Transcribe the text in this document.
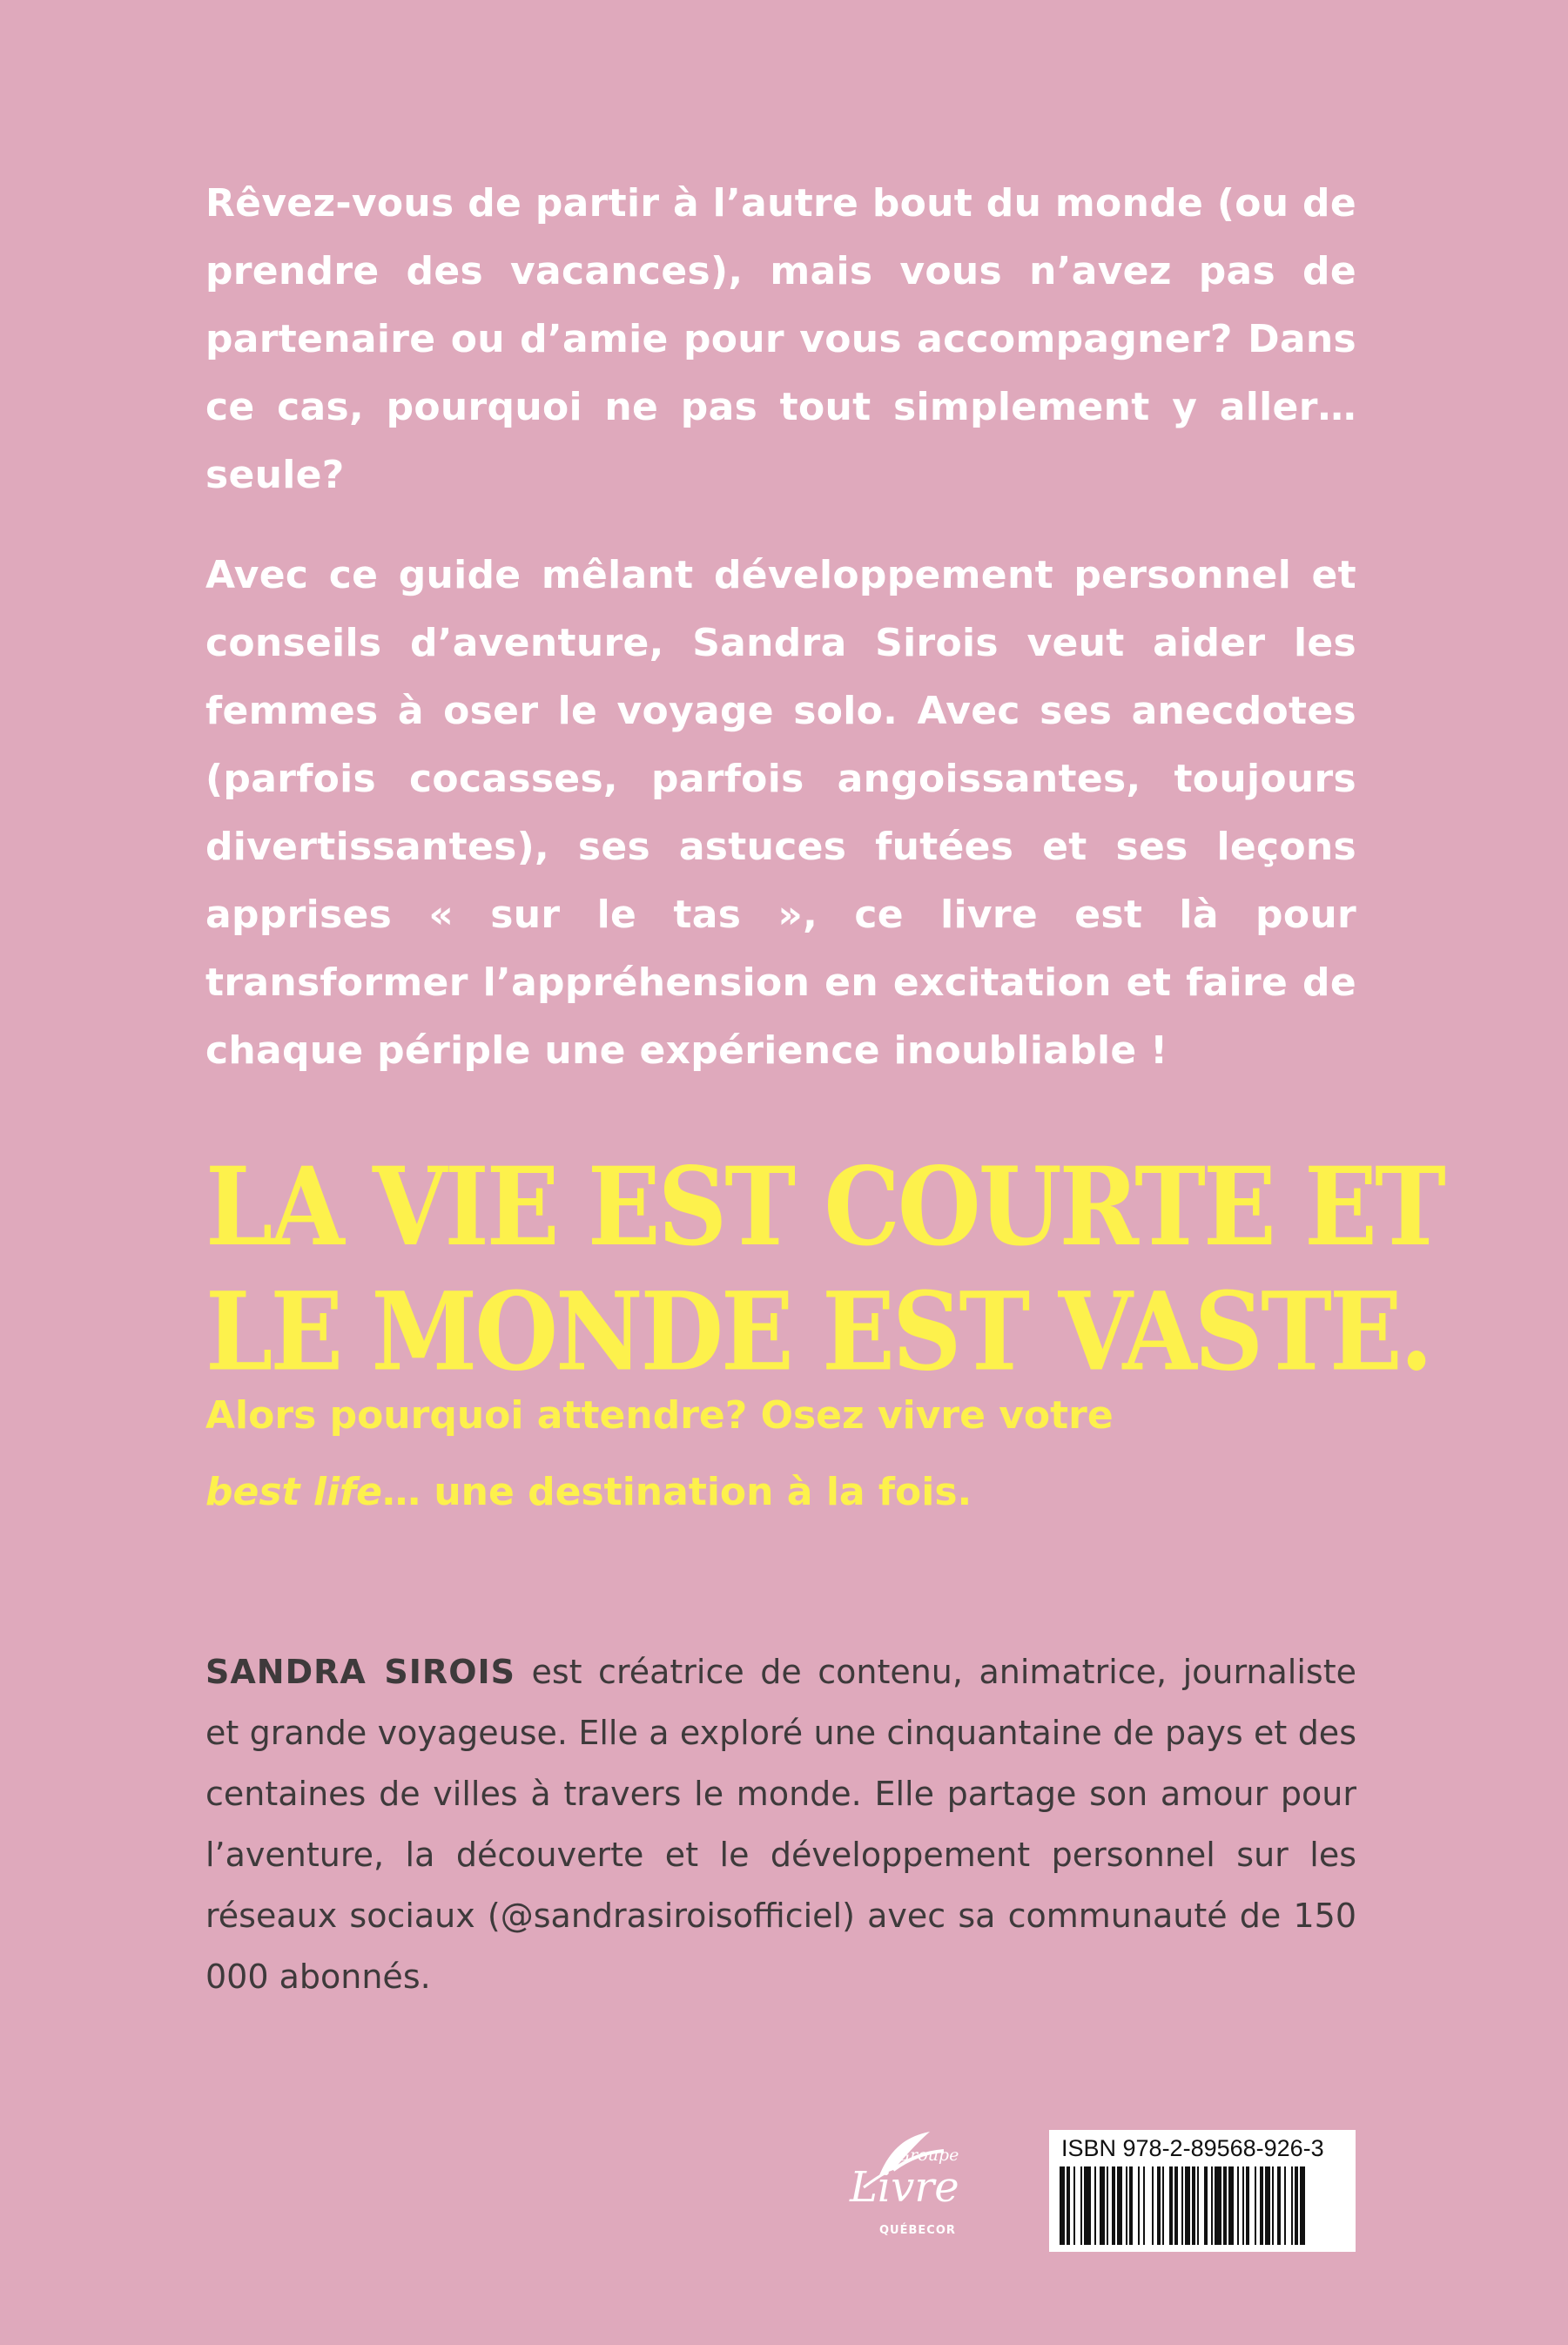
Rêvez-vous de partir à l’autre bout du monde (ou de prendre des vacances), mais vous n’avez pas de partenaire ou d’amie pour vous accompagner? Dans ce cas, pourquoi ne pas tout simplement y aller… seule?

Avec ce guide mêlant développement personnel et conseils d’aventure, Sandra Sirois veut aider les femmes à oser le voyage solo. Avec ses anecdotes (parfois cocasses, parfois angoissantes, toujours divertissantes), ses astuces futées et ses leçons apprises « sur le tas », ce livre est là pour transformer l’appréhension en excitation et faire de chaque périple une expérience inoubliable !

LA VIE EST COURTE ET
LE MONDE EST VASTE.
Alors pourquoi attendre? Osez vivre votre
best life… une destination à la fois.

SANDRA SIROIS est créatrice de contenu, animatrice, journaliste et grande voyageuse. Elle a exploré une cinquantaine de pays et des centaines de villes à travers le monde. Elle partage son amour pour l’aventure, la découverte et le développement personnel sur les réseaux sociaux (@sandrasiroisofficiel) avec sa communauté de 150 000 abonnés.

Groupe
Livre
QUÉBECOR
ISBN 978-2-89568-926-3
